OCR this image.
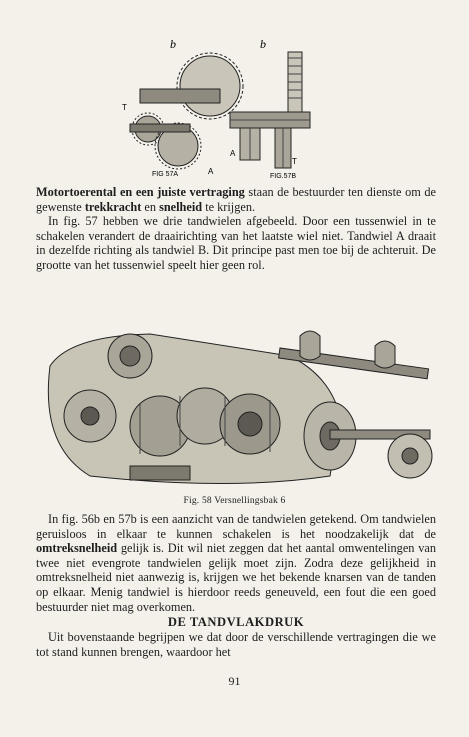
b
T
A
FIG 57A
b
A
T
FIG.57B

Motortoerental en een juiste vertraging staan de bestuurder ten dienste om de gewenste trekkracht en snelheid te krijgen.

In fig. 57 hebben we drie tandwielen afgebeeld. Door een tussenwiel in te schakelen verandert de draairichting van het laatste wiel niet. Tandwiel A draait in dezelfde richting als tandwiel B. Dit principe past men toe bij de achteruit. De grootte van het tussenwiel speelt hier geen rol.

Fig. 58 Versnellingsbak 6

In fig. 56b en 57b is een aanzicht van de tandwielen getekend. Om tandwielen geruisloos in elkaar te kunnen schakelen is het noodzakelijk dat de omtreksnelheid gelijk is. Dit wil niet zeggen dat het aantal omwentelingen van twee niet evengrote tandwielen gelijk moet zijn. Zodra deze gelijkheid in omtreksnelheid niet aanwezig is, krijgen we het bekende knarsen van de tanden op elkaar. Menig tandwiel is hierdoor reeds geneuveld, een fout die een goed bestuurder niet mag overkomen.

DE TANDVLAKDRUK

Uit bovenstaande begrijpen we dat door de verschillende vertragingen die we tot stand kunnen brengen, waardoor het

91
